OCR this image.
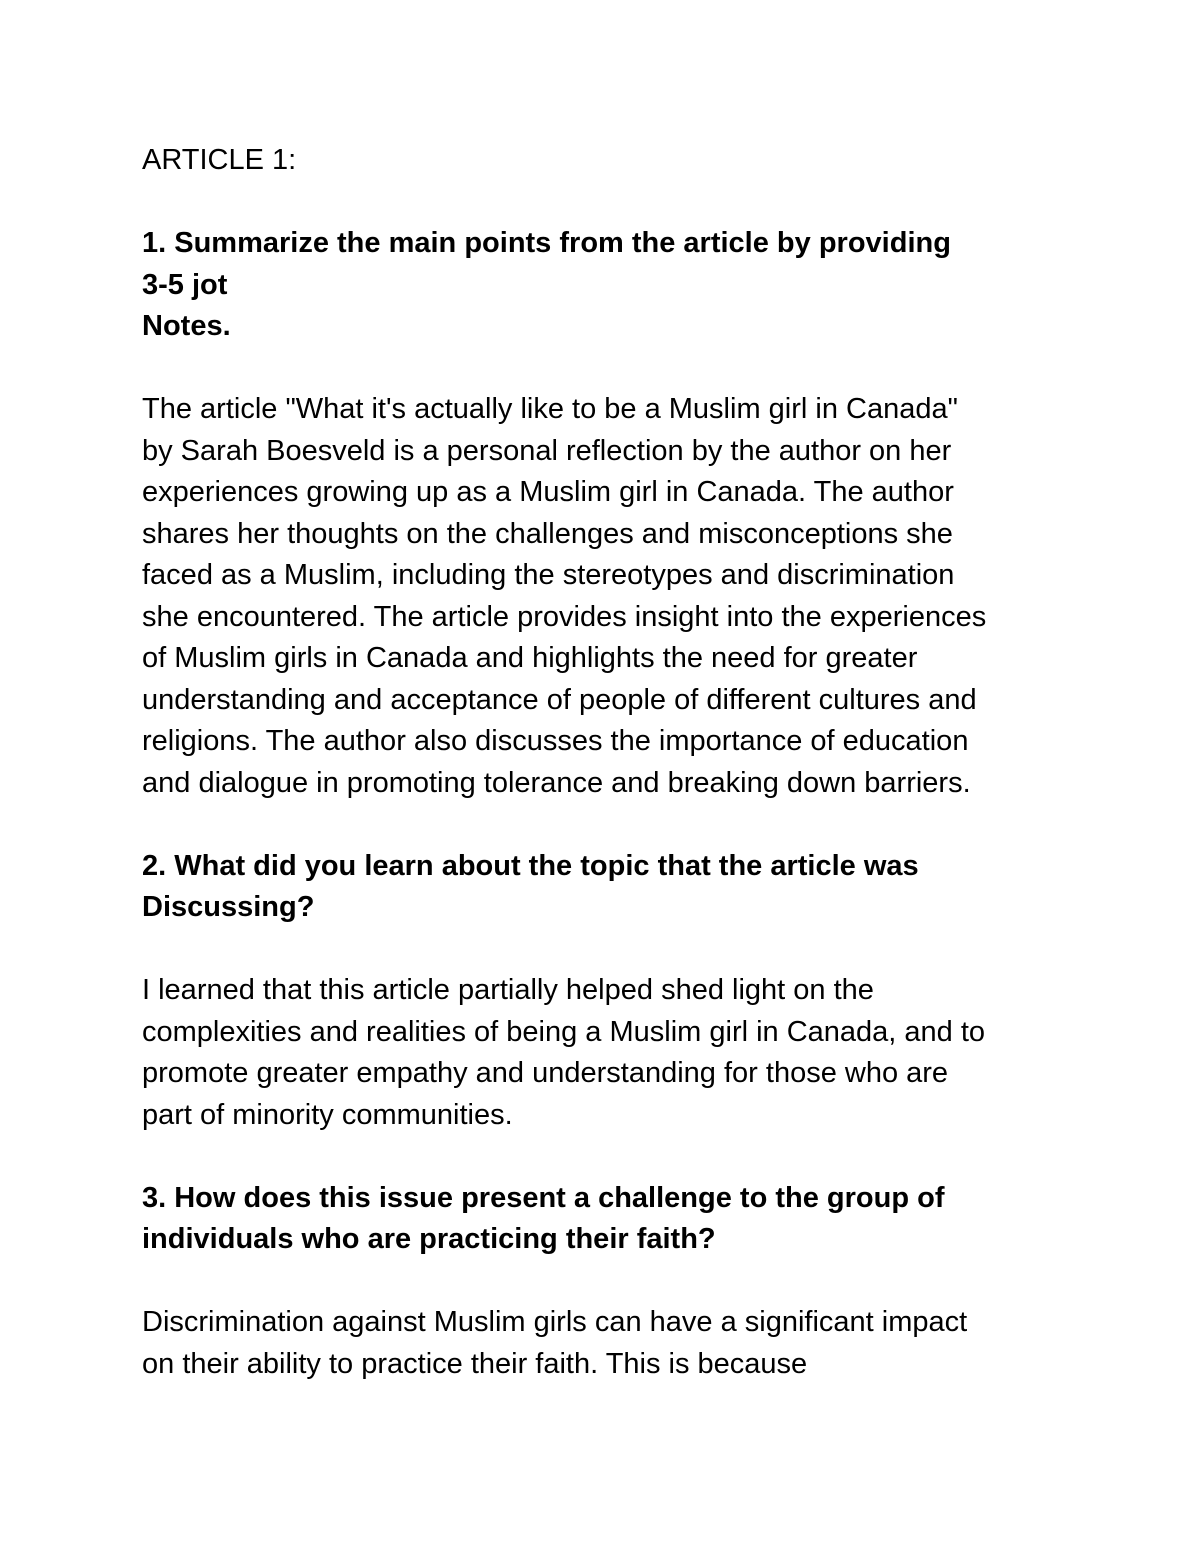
ARTICLE 1:
1. Summarize the main points from the article by providing
3-5 jot
Notes.
The article "What it's actually like to be a Muslim girl in Canada"
by Sarah Boesveld is a personal reflection by the author on her
experiences growing up as a Muslim girl in Canada. The author
shares her thoughts on the challenges and misconceptions she
faced as a Muslim, including the stereotypes and discrimination
she encountered. The article provides insight into the experiences
of Muslim girls in Canada and highlights the need for greater
understanding and acceptance of people of different cultures and
religions. The author also discusses the importance of education
and dialogue in promoting tolerance and breaking down barriers.
2. What did you learn about the topic that the article was
Discussing?
I learned that this article partially helped shed light on the
complexities and realities of being a Muslim girl in Canada, and to
promote greater empathy and understanding for those who are
part of minority communities.
3. How does this issue present a challenge to the group of
individuals who are practicing their faith?
Discrimination against Muslim girls can have a significant impact
on their ability to practice their faith. This is because
